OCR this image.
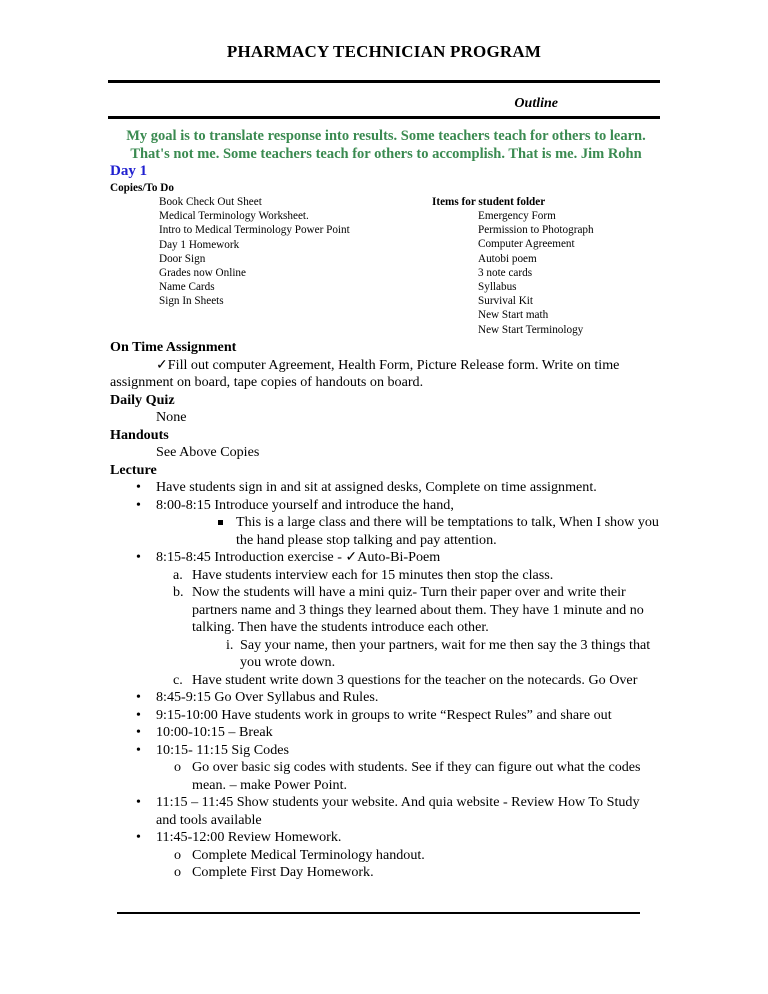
PHARMACY TECHNICIAN PROGRAM
Outline
My goal is to translate response into results. Some teachers teach for others to learn. That's not me. Some teachers teach for others to accomplish. That is me. Jim Rohn
Day 1
Copies/To Do
Book Check Out Sheet
Medical Terminology Worksheet.
Intro to Medical Terminology Power Point
Day 1 Homework
Door Sign
Grades now Online
Name Cards
Sign In Sheets
Items for student folder
Emergency Form
Permission to Photograph
Computer Agreement
Autobi poem
3 note cards
Syllabus
Survival Kit
New Start math
New Start Terminology

On Time Assignment

✓Fill out computer Agreement, Health Form, Picture Release form. Write on time assignment on board, tape copies of handouts on board.

Daily Quiz

None

Handouts

See Above Copies

Lecture

• Have students sign in and sit at assigned desks, Complete on time assignment.
• 8:00-8:15 Introduce yourself and introduce the hand,

This is a large class and there will be temptations to talk, When I show you the hand please stop talking and pay attention.

• 8:15-8:45 Introduction exercise - ✓Auto-Bi-Poem

a. Have students interview each for 15 minutes then stop the class.

b. Now the students will have a mini quiz- Turn their paper over and write their partners name and 3 things they learned about them. They have 1 minute and no talking. Then have the students introduce each other.

i. Say your name, then your partners, wait for me then say the 3 things that you wrote down.

c. Have student write down 3 questions for the teacher on the notecards. Go Over

• 8:45-9:15 Go Over Syllabus and Rules.
• 9:15-10:00 Have students work in groups to write “Respect Rules” and share out
• 10:00-10:15 – Break
• 10:15- 11:15 Sig Codes

o Go over basic sig codes with students. See if they can figure out what the codes mean. – make Power Point.

• 11:15 – 11:45 Show students your website. And quia website - Review How To Study and tools available
• 11:45-12:00 Review Homework.

o Complete Medical Terminology handout.

o Complete First Day Homework.
